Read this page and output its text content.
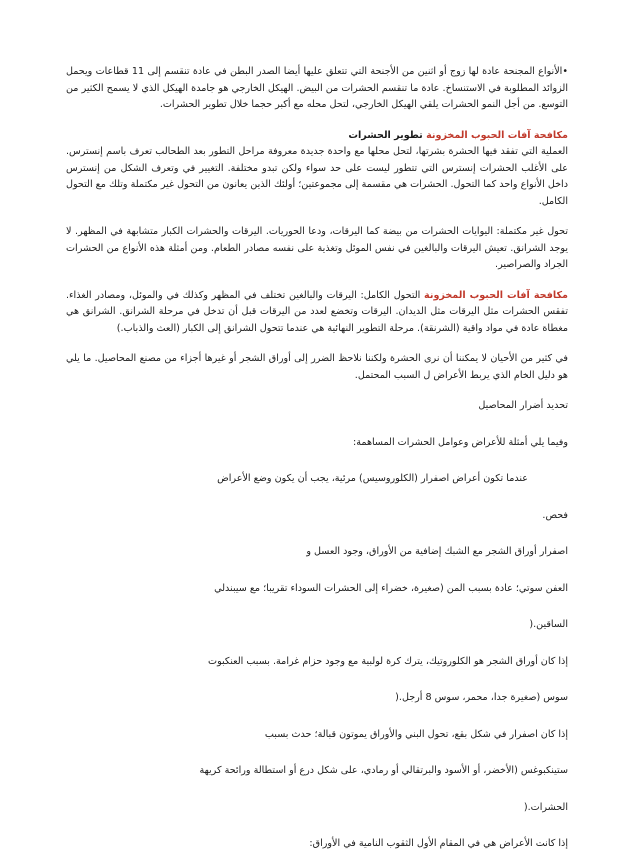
•الأنواع المجنحة عادة لها زوج أو اثنين من الأجنحة التي تتعلق عليها أيضا الصدر البطن في عادة تنقسم إلى 11 قطاعات ويحمل الزوائد المطلوبة في الاستنساخ. عادة ما تنقسم الحشرات من البيض. الهيكل الخارجي هو جامدة الهيكل الذي لا يسمح الكثير من التوسع. من أجل النمو الحشرات يلقي الهيكل الخارجي، لتحل محله مع أكبر حجما خلال تطوير الحشرات.

مكافحة آفات الحبوب المخزونة تطوير الحشرات
العملية التي تفقد فيها الحشرة بشرتها، لتحل محلها مع واحدة جديدة معروفة مراحل التطور بعد الطحالب تعرف باسم إنسترس. على الأغلب الحشرات إنسترس التي تتطور ليست على حد سواء ولكن تبدو مختلفة. التغيير في وتعرف الشكل من إنسترس داخل الأنواع واحد كما التحول. الحشرات هي مقسمة إلى مجموعتين؛ أولئك الذين يعانون من التحول غير مكتملة وتلك مع التحول الكامل.

تحول غير مكتملة: اليوايات الحشرات من بيضة كما اليرقات، ودعا الحوريات. اليرقات والحشرات الكبار متشابهة في المظهر. لا يوجد الشرانق. تعيش اليرقات والبالغين في نفس الموئل وتغذية على نفسه مصادر الطعام. ومن أمثلة هذه الأنواع من الحشرات الجراد والصراصير.

مكافحة آفات الحبوب المخزونة التحول الكامل: اليرقات والبالغين تختلف في المظهر وكذلك في والموئل، ومصادر الغذاء. تفقس الحشرات مثل اليرقات مثل الديدان. اليرقات وتخضع لعدد من اليرقات قبل أن تدخل في مرحلة الشرانق. الشرانق هي مغطاة عادة في مواد واقية (الشرنقة). مرحلة التطوير النهائية هي عندما تتحول الشرانق إلى الكبار (العث والذباب.)

في كثير من الأحيان لا يمكننا أن نرى الحشرة ولكننا نلاحظ الضرر إلى أوراق الشجر أو غيرها أجزاء من مصنع المحاصيل. ما يلي هو دليل الخام الذي يربط الأعراض ل السبب المحتمل.

تحديد أضرار المحاصيل

وفيما يلي أمثلة للأعراض وعوامل الحشرات المساهمة:

عندما تكون أعراض اصفرار (الكلوروسيس) مرئية، يجب أن يكون وضع الأعراض

فحص.

اصفرار أوراق الشجر مع الشبك إضافية من الأوراق، وجود العسل و

العفن سوتي؛ عادة بسبب المن (صغيرة، خضراء إلى الحشرات السوداء تقريبا؛ مع سيبندلي

الساقين.(

إذا كان أوراق الشجر هو الكلوروتيك، يترك كرة لولبية مع وجود حزام غرامة. بسبب العنكبوت

سوس (صغيرة جدا، محمر، سوس 8 أرجل.(

إذا كان اصفرار في شكل بقع، تحول البني والأوراق يموتون قبالة؛ حدث بسبب

ستينكبوغس (الأخضر، أو الأسود والبرتقالي أو رمادي، على شكل درع أو استطالة ورائحة كريهة

الحشرات.(

إذا كانت الأعراض هي في المقام الأول الثقوب النامية في الأوراق:
